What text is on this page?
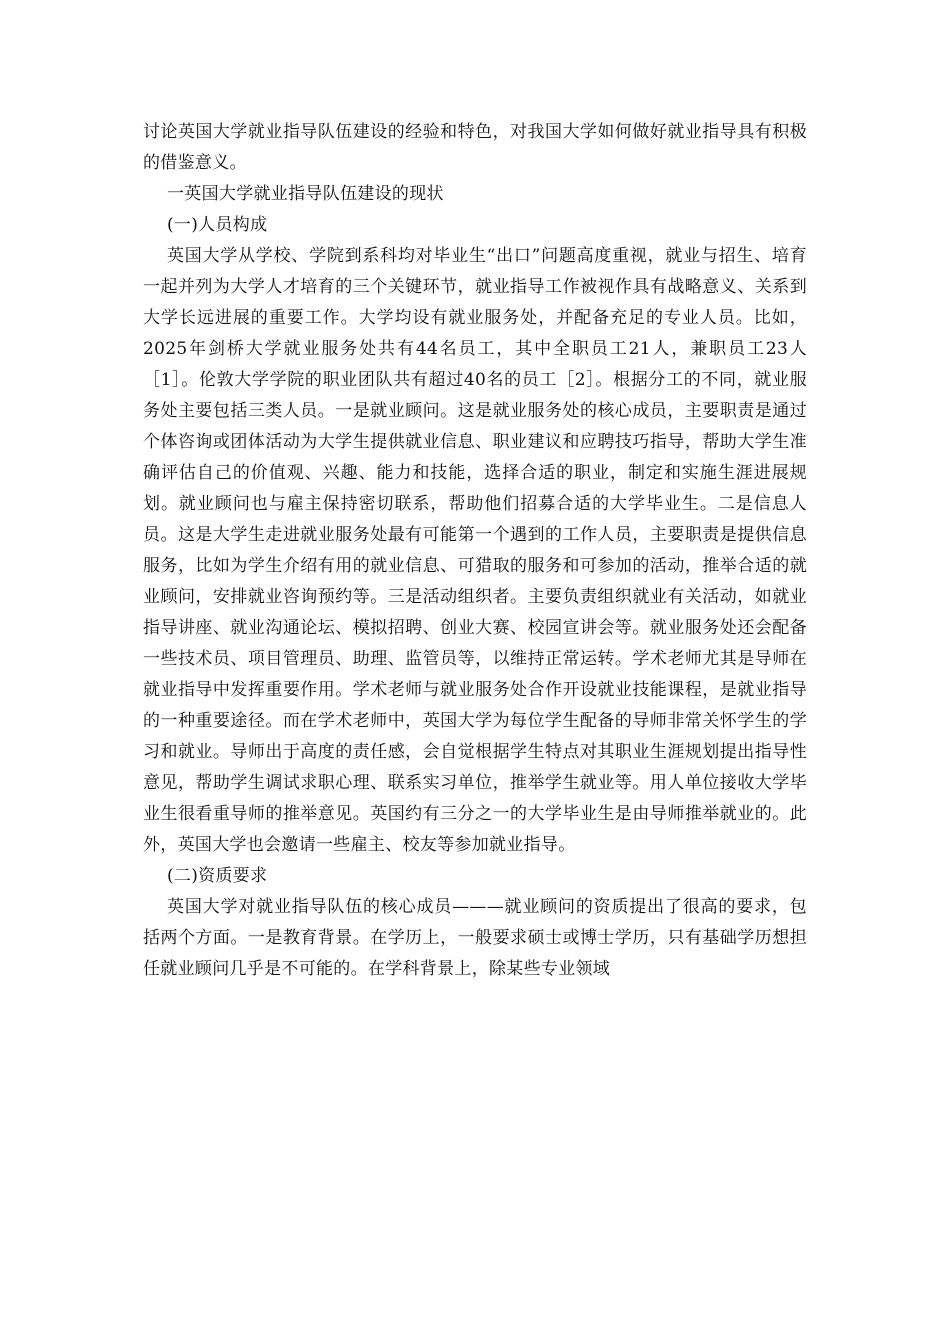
讨论英国大学就业指导队伍建设的经验和特色，对我国大学如何做好就业指导具有积极的借鉴意义。

一英国大学就业指导队伍建设的现状

(一)人员构成

英国大学从学校、学院到系科均对毕业生“出口”问题高度重视，就业与招生、培育一起并列为大学人才培育的三个关键环节，就业指导工作被视作具有战略意义、关系到大学长远进展的重要工作。大学均设有就业服务处，并配备充足的专业人员。比如，2025年剑桥大学就业服务处共有44名员工，其中全职员工21人，兼职员工23人［1］。伦敦大学学院的职业团队共有超过40名的员工［2］。根据分工的不同，就业服务处主要包括三类人员。一是就业顾问。这是就业服务处的核心成员，主要职责是通过个体咨询或团体活动为大学生提供就业信息、职业建议和应聘技巧指导，帮助大学生准确评估自己的价值观、兴趣、能力和技能，选择合适的职业，制定和实施生涯进展规划。就业顾问也与雇主保持密切联系，帮助他们招募合适的大学毕业生。二是信息人员。这是大学生走进就业服务处最有可能第一个遇到的工作人员，主要职责是提供信息服务，比如为学生介绍有用的就业信息、可猎取的服务和可参加的活动，推举合适的就业顾问，安排就业咨询预约等。三是活动组织者。主要负责组织就业有关活动，如就业指导讲座、就业沟通论坛、模拟招聘、创业大赛、校园宣讲会等。就业服务处还会配备一些技术员、项目管理员、助理、监管员等，以维持正常运转。学术老师尤其是导师在就业指导中发挥重要作用。学术老师与就业服务处合作开设就业技能课程，是就业指导的一种重要途径。而在学术老师中，英国大学为每位学生配备的导师非常关怀学生的学习和就业。导师出于高度的责任感，会自觉根据学生特点对其职业生涯规划提出指导性意见，帮助学生调试求职心理、联系实习单位，推举学生就业等。用人单位接收大学毕业生很看重导师的推举意见。英国约有三分之一的大学毕业生是由导师推举就业的。此外，英国大学也会邀请一些雇主、校友等参加就业指导。

(二)资质要求

英国大学对就业指导队伍的核心成员———就业顾问的资质提出了很高的要求，包括两个方面。一是教育背景。在学历上，一般要求硕士或博士学历，只有基础学历想担任就业顾问几乎是不可能的。在学科背景上，除某些专业领域
